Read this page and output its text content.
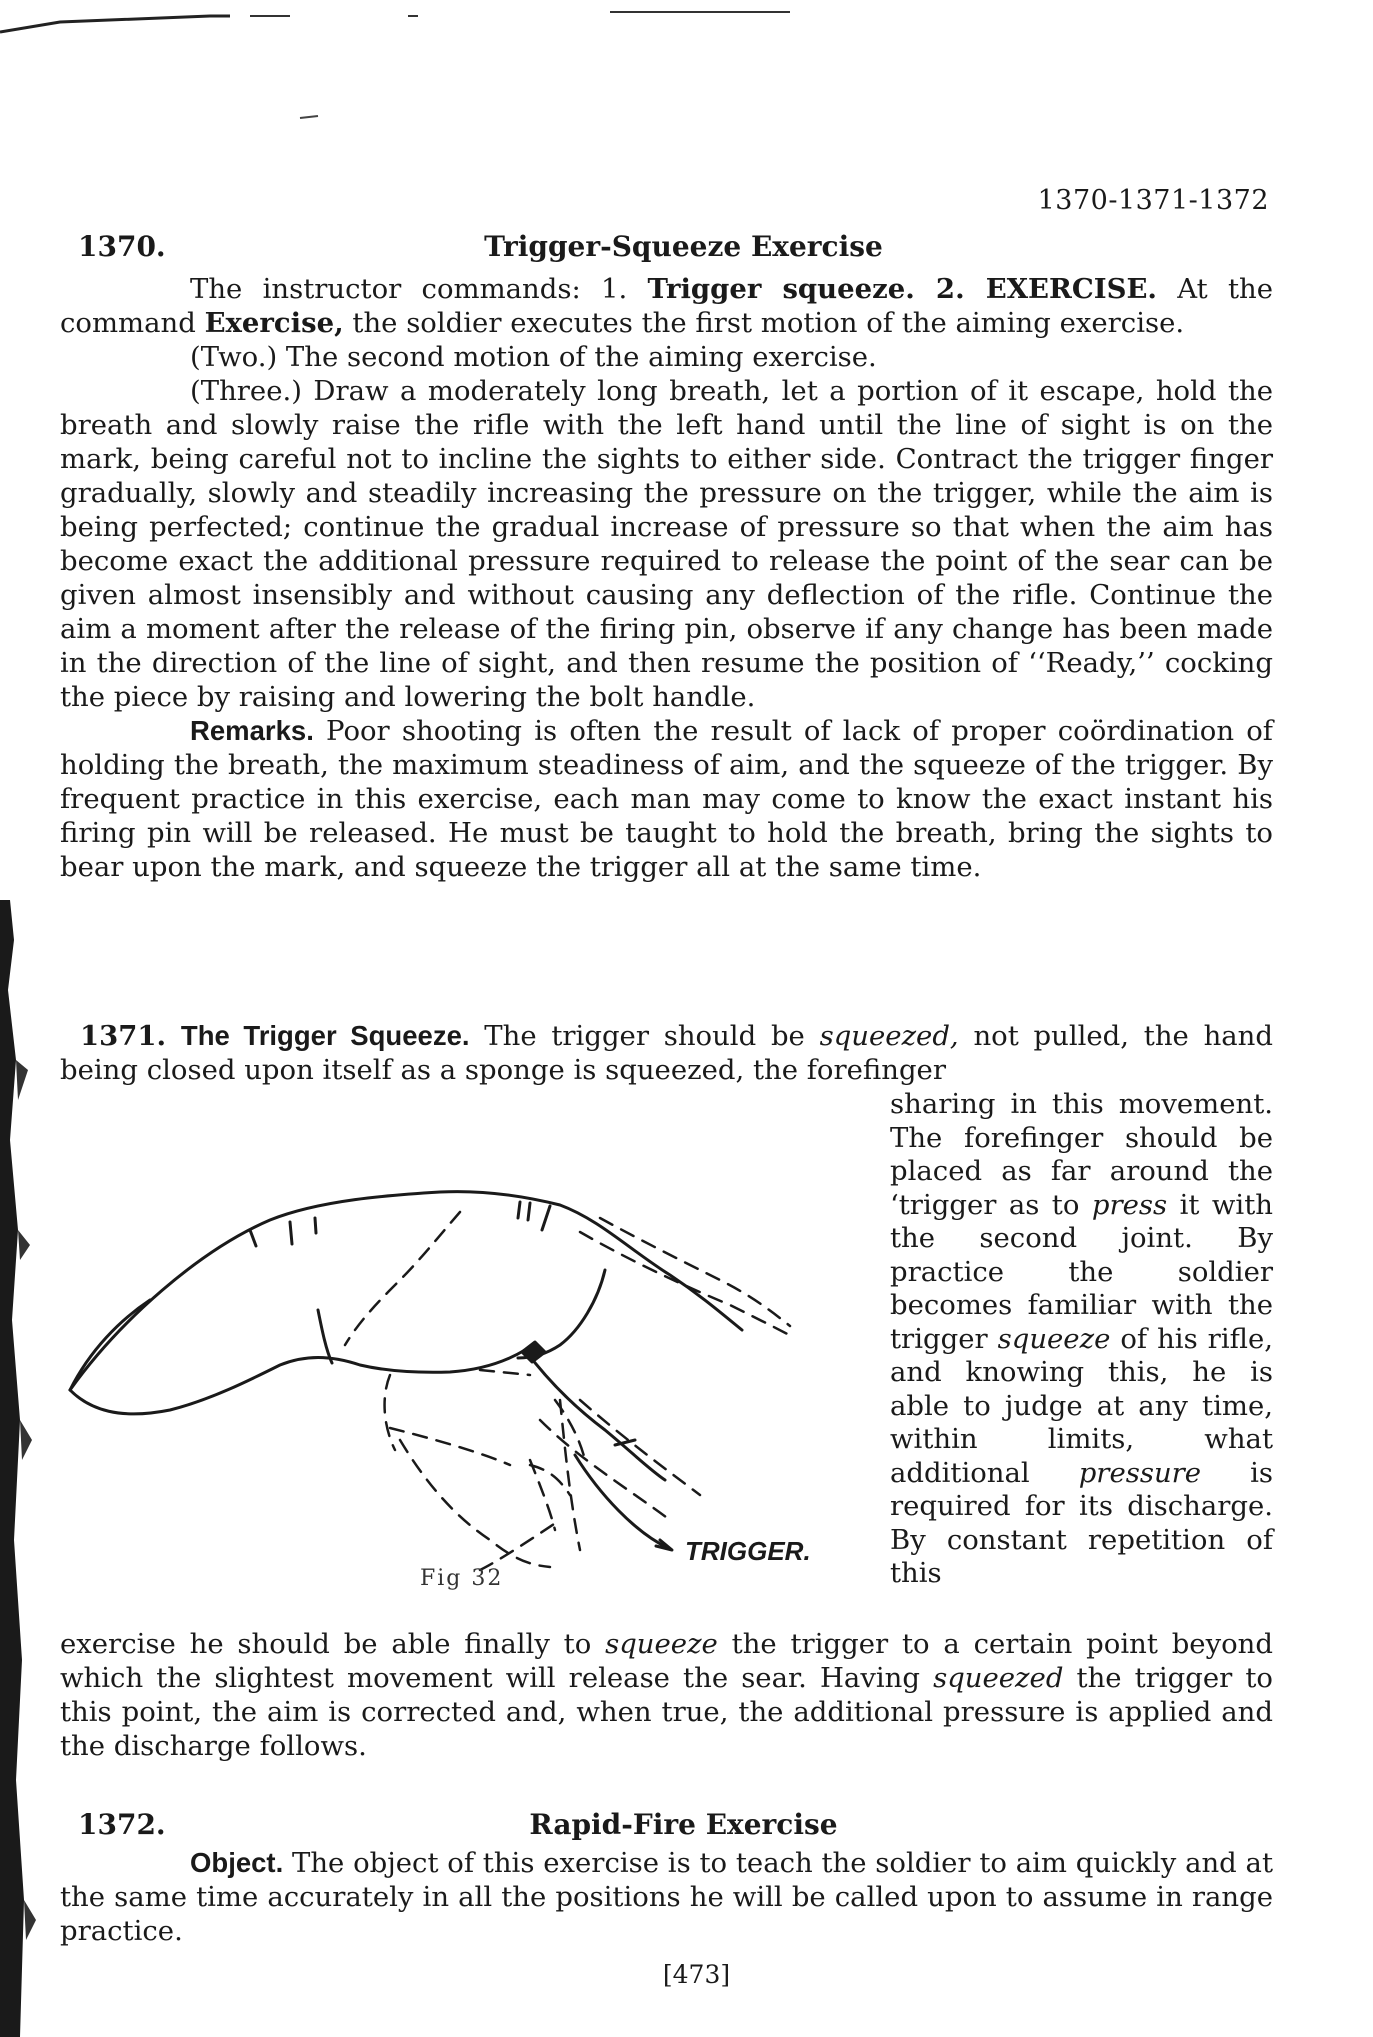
1370-1371-1372
1370.	Trigger-Squeeze Exercise

The instructor commands: 1. Trigger squeeze. 2. EXERCISE. At the command Exercise, the soldier executes the first motion of the aiming exercise.

(Two.) The second motion of the aiming exercise.

(Three.) Draw a moderately long breath, let a portion of it escape, hold the breath and slowly raise the rifle with the left hand until the line of sight is on the mark, being careful not to incline the sights to either side. Contract the trigger finger gradually, slowly and steadily increasing the pressure on the trigger, while the aim is being perfected; continue the gradual increase of pressure so that when the aim has become exact the additional pressure required to release the point of the sear can be given almost insensibly and without causing any deflection of the rifle. Continue the aim a moment after the release of the firing pin, observe if any change has been made in the direction of the line of sight, and then resume the position of ‘‘Ready,’’ cocking the piece by raising and lowering the bolt handle.

Remarks. Poor shooting is often the result of lack of proper coördination of holding the breath, the maximum steadiness of aim, and the squeeze of the trigger. By frequent practice in this exercise, each man may come to know the exact instant his firing pin will be released. He must be taught to hold the breath, bring the sights to bear upon the mark, and squeeze the trigger all at the same time.

1371. The Trigger Squeeze. The trigger should be squeezed, not pulled, the hand being closed upon itself as a sponge is squeezed, the forefinger

sharing in this movement. The forefinger should be placed as far around the ‘trigger as to press it with the second joint. By practice the soldier becomes familiar with the trigger squeeze of his rifle, and knowing this, he is able to judge at any time, within limits, what additional pressure is required for its discharge. By constant repetition of this
TRIGGER.
Fig 32

exercise he should be able finally to squeeze the trigger to a certain point beyond which the slightest movement will release the sear. Having squeezed the trigger to this point, the aim is corrected and, when true, the additional pressure is applied and the discharge follows.

1372.	Rapid-Fire Exercise

Object. The object of this exercise is to teach the soldier to aim quickly and at the same time accurately in all the positions he will be called upon to assume in range practice.

[473]
